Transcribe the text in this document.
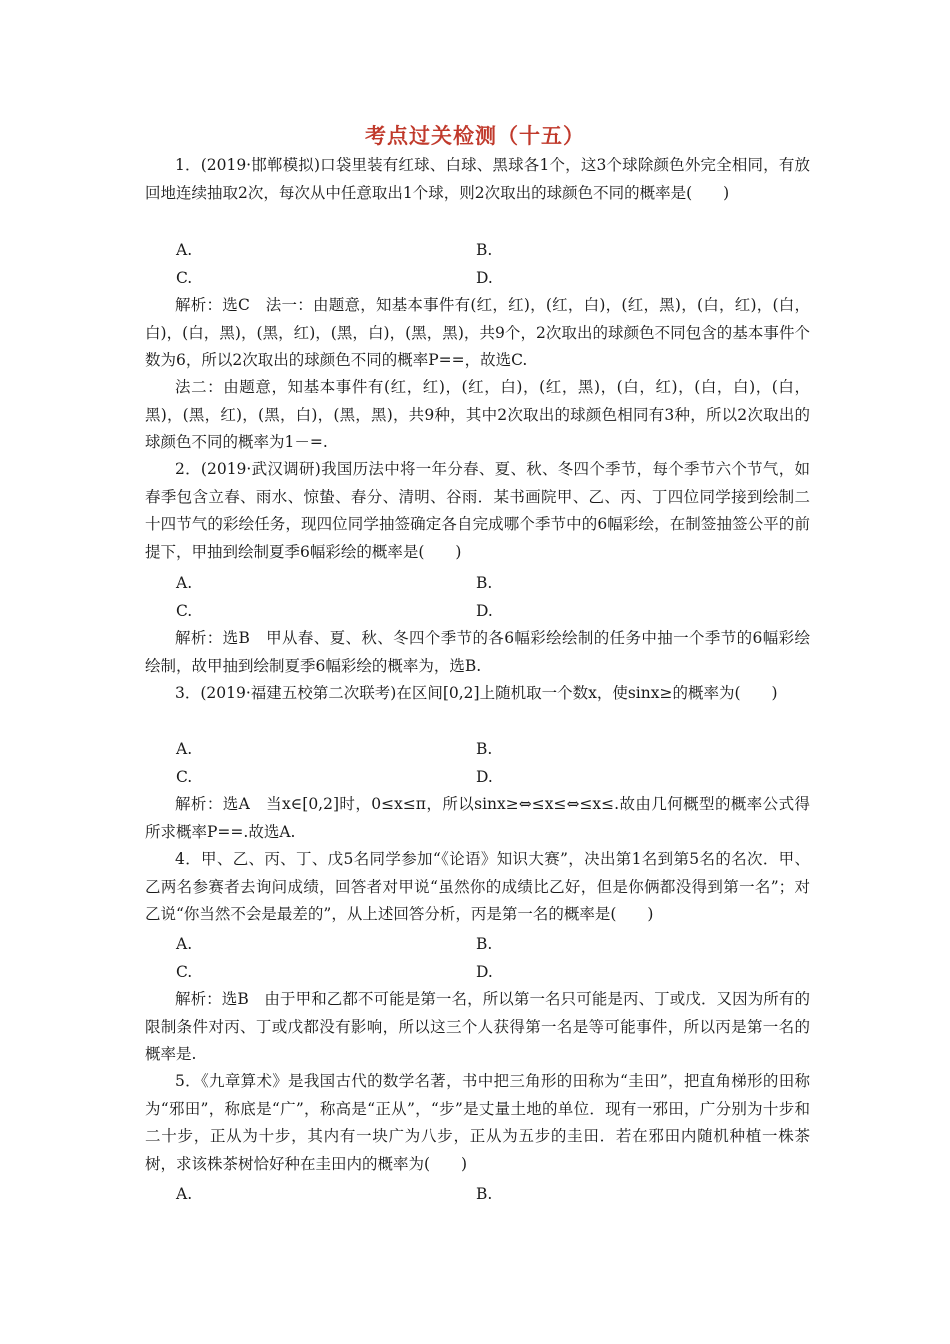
考点过关检测（十五）
1．(2019·邯郸模拟)口袋里装有红球、白球、黑球各1个，这3个球除颜色外完全相同，有放回地连续抽取2次，每次从中任意取出1个球，则2次取出的球颜色不同的概率是(　　)
A.	B.
C.	D.
解析：选C　法一：由题意，知基本事件有(红，红)，(红，白)，(红，黑)，(白，红)，(白，白)，(白，黑)，(黑，红)，(黑，白)，(黑，黑)，共9个，2次取出的球颜色不同包含的基本事件个数为6，所以2次取出的球颜色不同的概率P==，故选C.
法二：由题意，知基本事件有(红，红)，(红，白)，(红，黑)，(白，红)，(白，白)，(白，黑)，(黑，红)，(黑，白)，(黑，黑)，共9种，其中2次取出的球颜色相同有3种，所以2次取出的球颜色不同的概率为1－=.
2．(2019·武汉调研)我国历法中将一年分春、夏、秋、冬四个季节，每个季节六个节气，如春季包含立春、雨水、惊蛰、春分、清明、谷雨．某书画院甲、乙、丙、丁四位同学接到绘制二十四节气的彩绘任务，现四位同学抽签确定各自完成哪个季节中的6幅彩绘，在制签抽签公平的前提下，甲抽到绘制夏季6幅彩绘的概率是(　　)
A.	B.
C.	D.
解析：选B　甲从春、夏、秋、冬四个季节的各6幅彩绘绘制的任务中抽一个季节的6幅彩绘绘制，故甲抽到绘制夏季6幅彩绘的概率为，选B.
3．(2019·福建五校第二次联考)在区间[0,2]上随机取一个数x，使sinx≥的概率为(　　)
A.	B.
C.	D.
解析：选A　当x∈[0,2]时，0≤x≤π，所以sinx≥⇔≤x≤⇔≤x≤.故由几何概型的概率公式得所求概率P==.故选A.
4．甲、乙、丙、丁、戊5名同学参加“《论语》知识大赛”，决出第1名到第5名的名次．甲、乙两名参赛者去询问成绩，回答者对甲说“虽然你的成绩比乙好，但是你俩都没得到第一名”；对乙说“你当然不会是最差的”，从上述回答分析，丙是第一名的概率是(　　)
A.	B.
C.	D.
解析：选B　由于甲和乙都不可能是第一名，所以第一名只可能是丙、丁或戊．又因为所有的限制条件对丙、丁或戊都没有影响，所以这三个人获得第一名是等可能事件，所以丙是第一名的概率是.
5．《九章算术》是我国古代的数学名著，书中把三角形的田称为“圭田”，把直角梯形的田称为“邪田”，称底是“广”，称高是“正从”，“步”是丈量土地的单位．现有一邪田，广分别为十步和二十步，正从为十步，其内有一块广为八步，正从为五步的圭田．若在邪田内随机种植一株茶树，求该株茶树恰好种在圭田内的概率为(　　)
A.	B.
